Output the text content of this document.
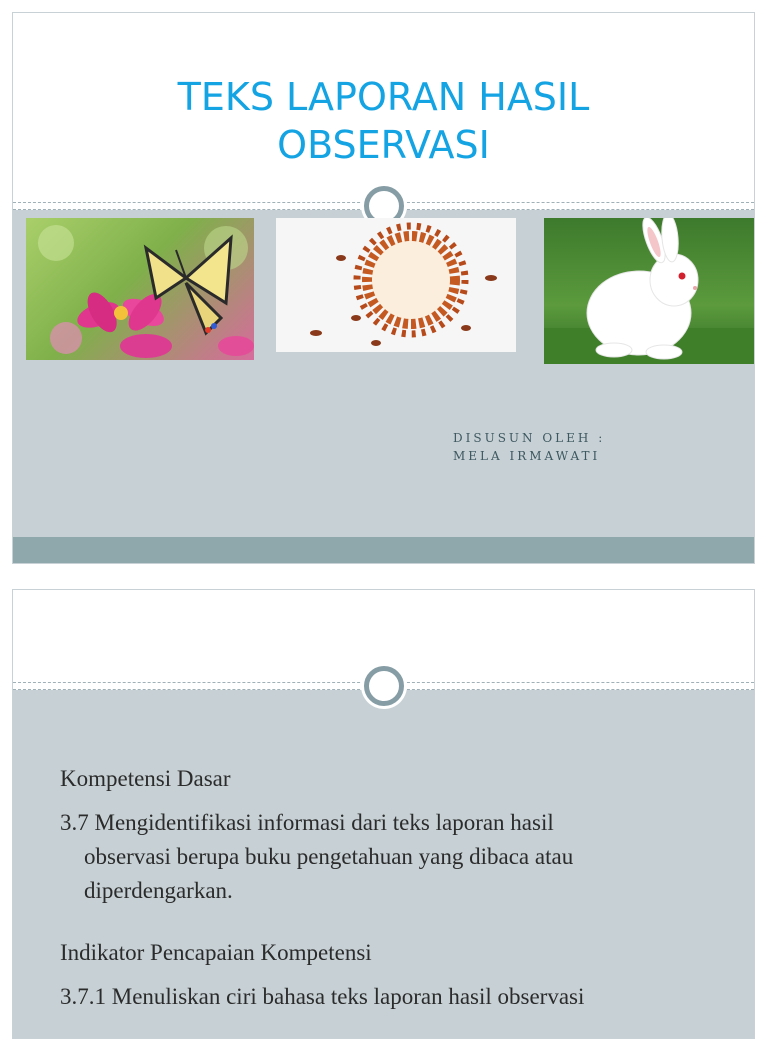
TEKS LAPORAN HASIL
OBSERVASI
DISUSUN OLEH :
MELA IRMAWATI

Kompetensi Dasar

3.7 Mengidentifikasi informasi dari teks laporan hasil

observasi berupa buku pengetahuan yang dibaca atau

diperdengarkan.

Indikator Pencapaian Kompetensi

3.7.1 Menuliskan ciri bahasa teks laporan hasil observasi
